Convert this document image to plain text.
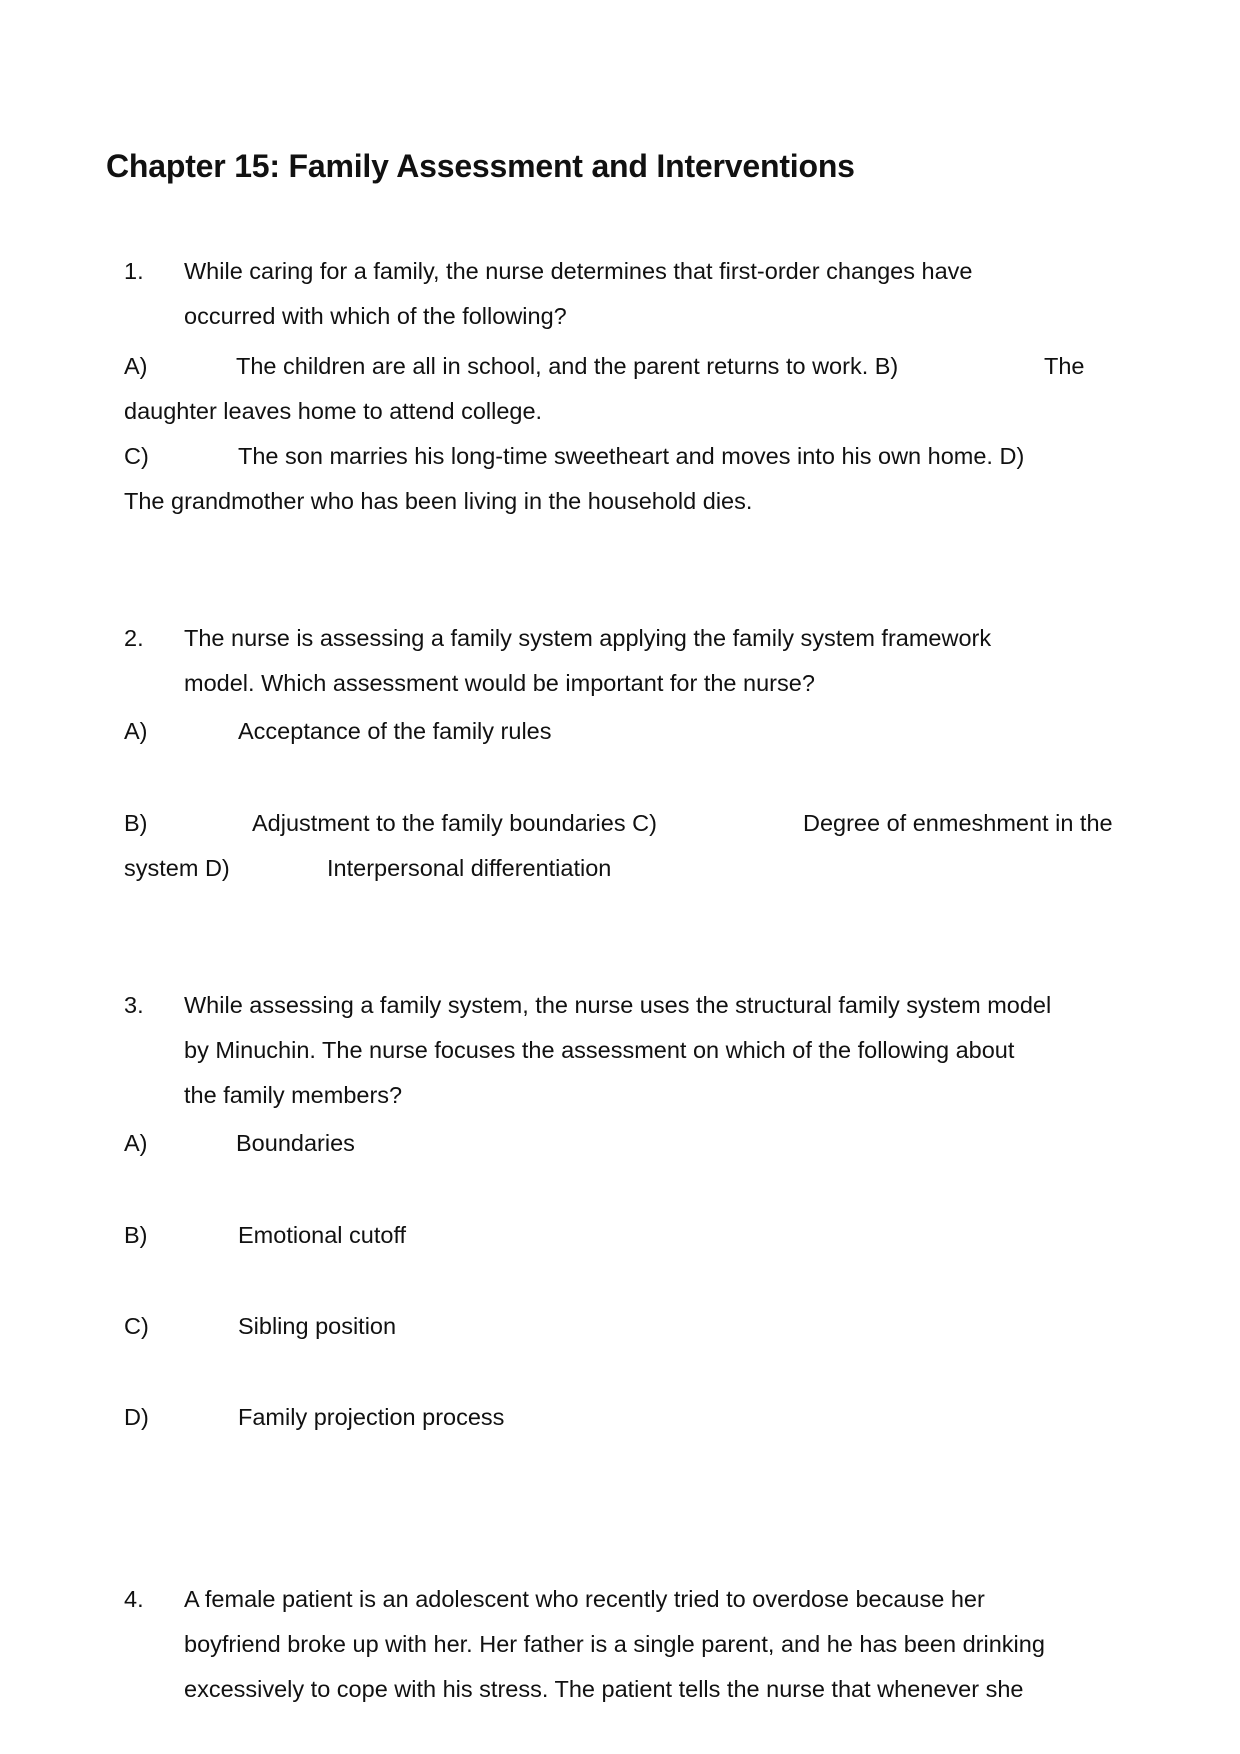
Chapter 15: Family Assessment and Interventions
1. While caring for a family, the nurse determines that first-order changes have
occurred with which of the following?
A)	The children are all in school, and the parent returns to work. B)	The
daughter leaves home to attend college.
C)	The son marries his long-time sweetheart and moves into his own home. D)
The grandmother who has been living in the household dies.
2. The nurse is assessing a family system applying the family system framework
model. Which assessment would be important for the nurse?
A)	Acceptance of the family rules
B)	Adjustment to the family boundaries C)	Degree of enmeshment in the
system D)	Interpersonal differentiation
3. While assessing a family system, the nurse uses the structural family system model
by Minuchin. The nurse focuses the assessment on which of the following about
the family members?
A)	Boundaries
B)	Emotional cutoff
C)	Sibling position
D)	Family projection process
4. A female patient is an adolescent who recently tried to overdose because her
boyfriend broke up with her. Her father is a single parent, and he has been drinking
excessively to cope with his stress. The patient tells the nurse that whenever she
